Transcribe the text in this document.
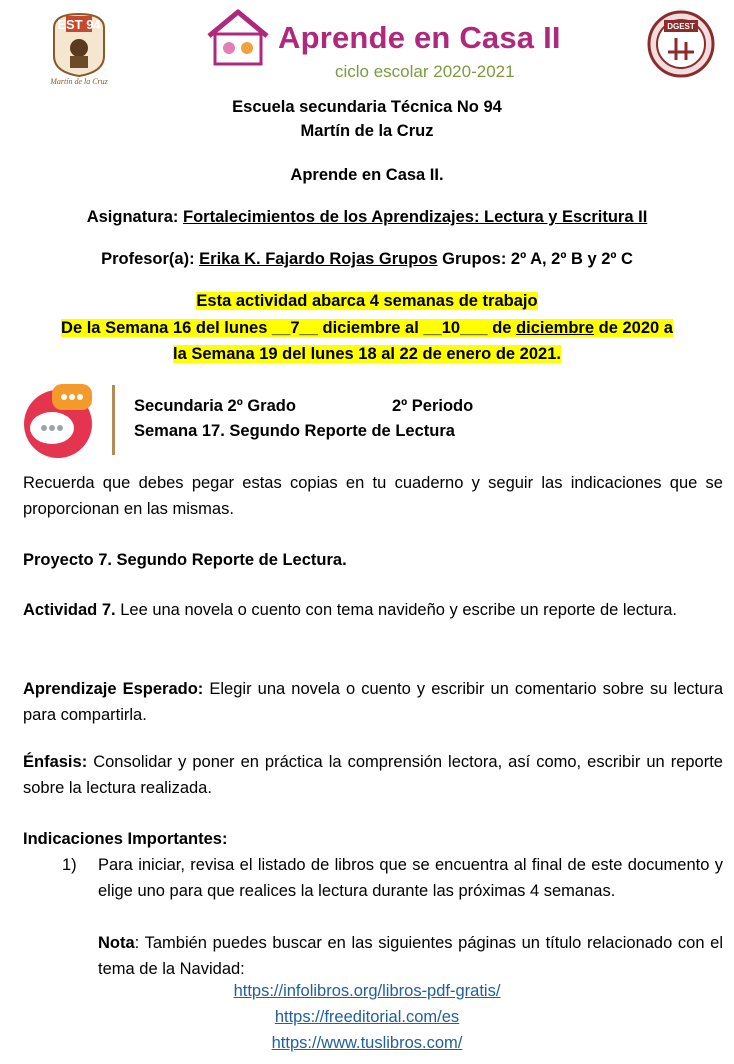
EST 94
Martín de la Cruz
Aprende en Casa II
ciclo escolar 2020-2021
DGEST
Escuela secundaria Técnica No 94
Martín de la Cruz
Aprende en Casa II.
Asignatura: Fortalecimientos de los Aprendizajes: Lectura y Escritura II
Profesor(a): Erika K. Fajardo Rojas Grupos Grupos: 2º A, 2º B y 2º C
Esta actividad abarca 4 semanas de trabajo
De la Semana 16 del lunes __7__ diciembre al __10___ de diciembre de 2020 a
la Semana 19 del lunes 18 al 22 de enero de 2021.
Secundaria 2º Grado	2º Periodo
Semana 17. Segundo Reporte de Lectura
Recuerda que debes pegar estas copias en tu cuaderno y seguir las indicaciones que se proporcionan en las mismas.
Proyecto 7. Segundo Reporte de Lectura.
Actividad 7. Lee una novela o cuento con tema navideño y escribe un reporte de lectura.
Aprendizaje Esperado: Elegir una novela o cuento y escribir un comentario sobre su lectura para compartirla.
Énfasis: Consolidar y poner en práctica la comprensión lectora, así como, escribir un reporte sobre la lectura realizada.
Indicaciones Importantes:
1) Para iniciar, revisa el listado de libros que se encuentra al final de este documento y elige uno para que realices la lectura durante las próximas 4 semanas.
Nota: También puedes buscar en las siguientes páginas un título relacionado con el tema de la Navidad:
https://infolibros.org/libros-pdf-gratis/
https://freeditorial.com/es
https://www.tuslibros.com/
